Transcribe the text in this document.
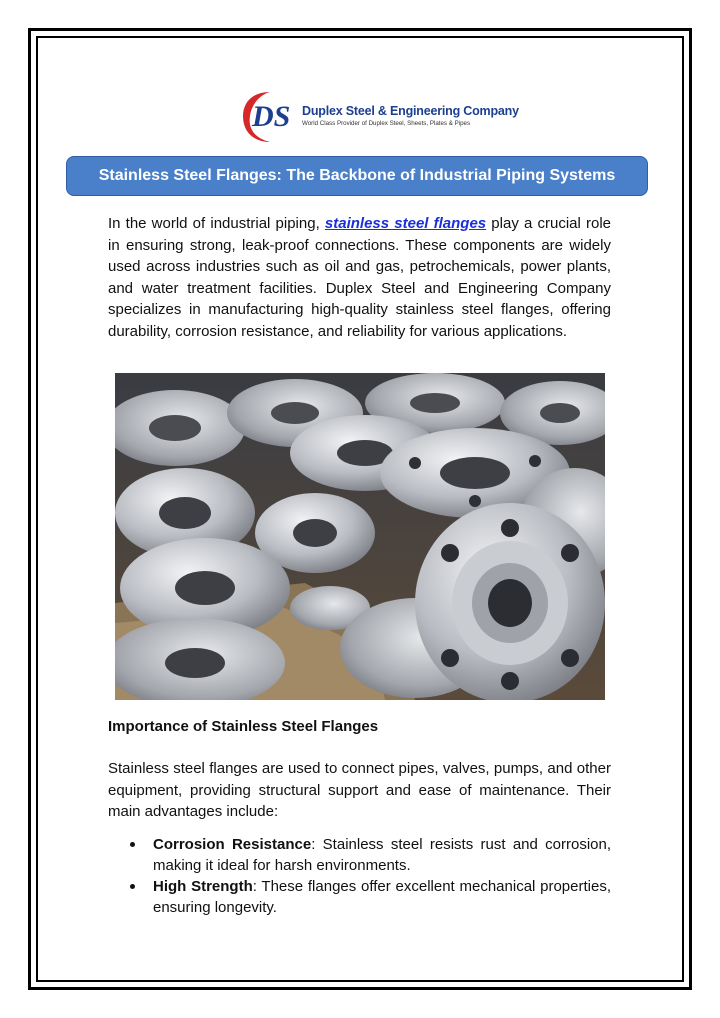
DS Duplex Steel & Engineering Company
World Class Provider of Duplex Steel, Sheets, Plates & Pipes
Stainless Steel Flanges: The Backbone of Industrial Piping Systems

In the world of industrial piping, stainless steel flanges play a crucial role in ensuring strong, leak-proof connections. These components are widely used across industries such as oil and gas, petrochemicals, power plants, and water treatment facilities. Duplex Steel and Engineering Company specializes in manufacturing high-quality stainless steel flanges, offering durability, corrosion resistance, and reliability for various applications.

Importance of Stainless Steel Flanges

Stainless steel flanges are used to connect pipes, valves, pumps, and other equipment, providing structural support and ease of maintenance. Their main advantages include:

Corrosion Resistance: Stainless steel resists rust and corrosion, making it ideal for harsh environments.
High Strength: These flanges offer excellent mechanical properties, ensuring longevity.
